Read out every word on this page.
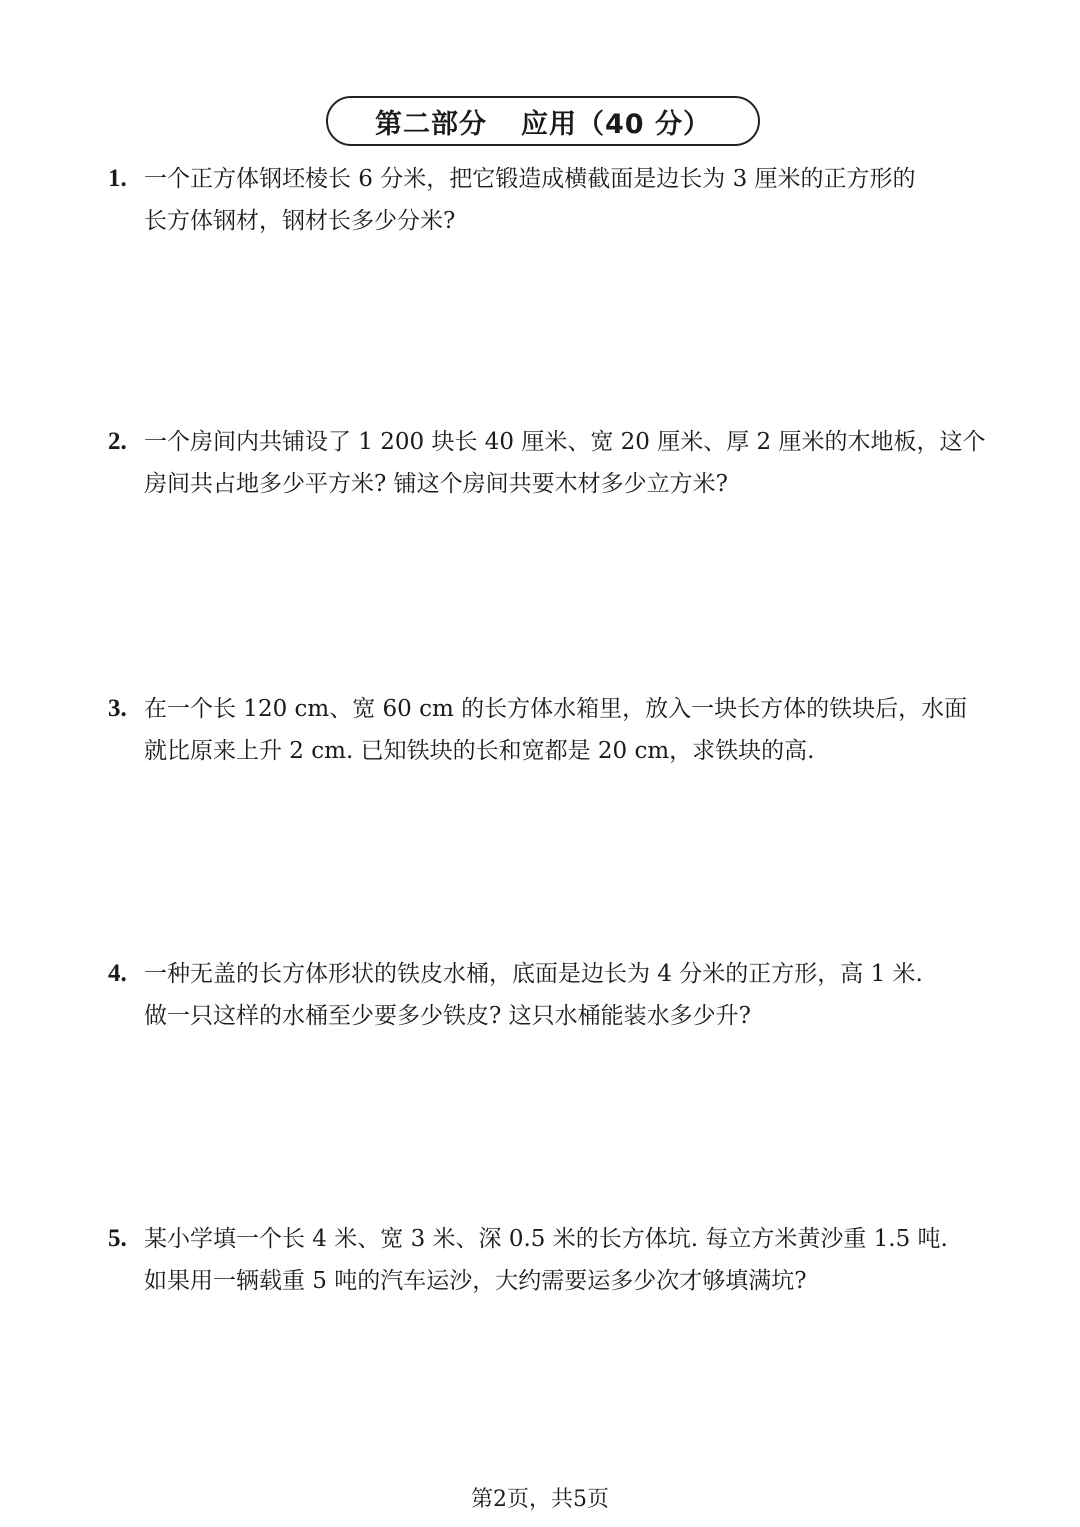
第二部分 应用（40 分）
1. 一个正方体钢坯棱长 6 分米，把它锻造成横截面是边长为 3 厘米的正方形的
长方体钢材，钢材长多少分米?
2. 一个房间内共铺设了 1 200 块长 40 厘米、宽 20 厘米、厚 2 厘米的木地板，这个
房间共占地多少平方米? 铺这个房间共要木材多少立方米?
3. 在一个长 120 cm、宽 60 cm 的长方体水箱里，放入一块长方体的铁块后，水面
就比原来上升 2 cm. 已知铁块的长和宽都是 20 cm，求铁块的高.
4. 一种无盖的长方体形状的铁皮水桶，底面是边长为 4 分米的正方形，高 1 米.
做一只这样的水桶至少要多少铁皮? 这只水桶能装水多少升?
5. 某小学填一个长 4 米、宽 3 米、深 0.5 米的长方体坑. 每立方米黄沙重 1.5 吨.
如果用一辆载重 5 吨的汽车运沙，大约需要运多少次才够填满坑?
第2页，共5页
